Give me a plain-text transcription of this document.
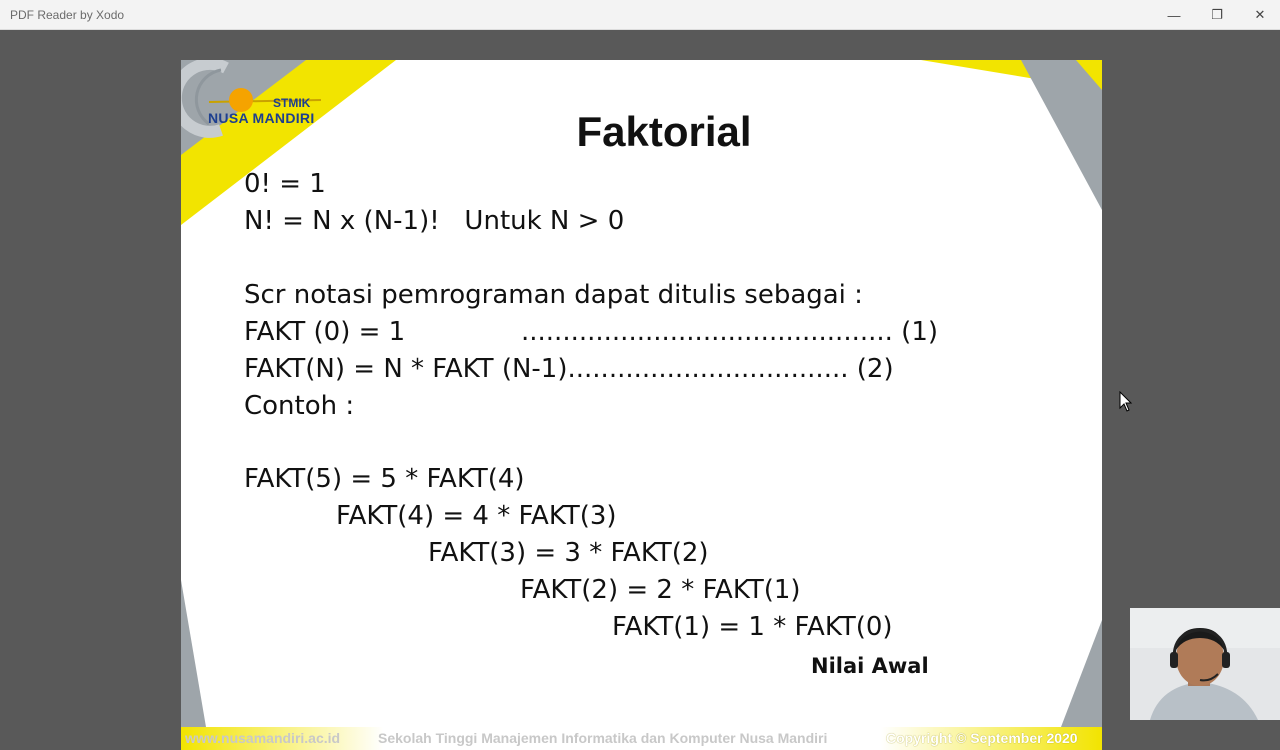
PDF Reader by Xodo	— ❐ ✕
STMIK
NUSA MANDIRI	Faktorial
0! = 1
N! = N x (N-1)!   Untuk N > 0
Scr notasi pemrograman dapat ditulis sebagai :
FAKT (0) = 1	............................................. (1)
FAKT(N) = N * FAKT (N-1).................................. (2)
Contoh :
FAKT(5) = 5 * FAKT(4)
FAKT(4) = 4 * FAKT(3)
FAKT(3) = 3 * FAKT(2)
FAKT(2) = 2 * FAKT(1)
FAKT(1) = 1 * FAKT(0)
Nilai Awal
www.nusamandiri.ac.id	Sekolah Tinggi Manajemen Informatika dan Komputer Nusa Mandiri	Copyright © September 2020
